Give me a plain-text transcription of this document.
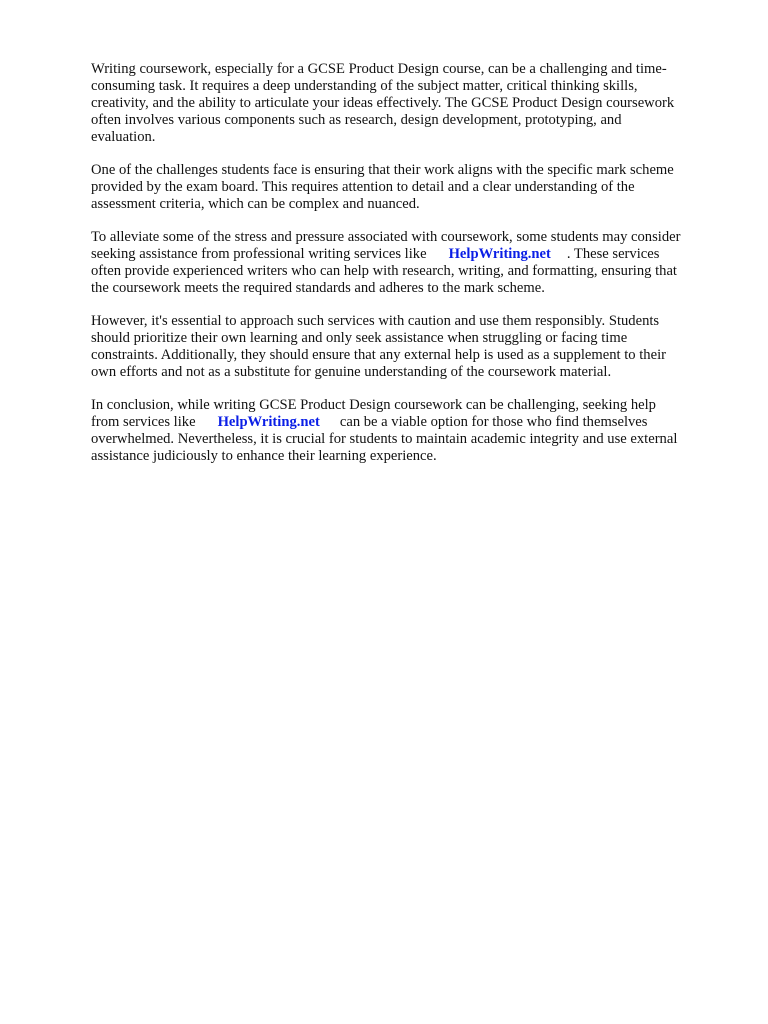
Writing coursework, especially for a GCSE Product Design course, can be a challenging and time-
consuming task. It requires a deep understanding of the subject matter, critical thinking skills,
creativity, and the ability to articulate your ideas effectively. The GCSE Product Design coursework
often involves various components such as research, design development, prototyping, and
evaluation.
One of the challenges students face is ensuring that their work aligns with the specific mark scheme
provided by the exam board. This requires attention to detail and a clear understanding of the
assessment criteria, which can be complex and nuanced.
To alleviate some of the stress and pressure associated with coursework, some students may consider
seeking assistance from professional writing services like HelpWriting.net . These services
often provide experienced writers who can help with research, writing, and formatting, ensuring that
the coursework meets the required standards and adheres to the mark scheme.
However, it's essential to approach such services with caution and use them responsibly. Students
should prioritize their own learning and only seek assistance when struggling or facing time
constraints. Additionally, they should ensure that any external help is used as a supplement to their
own efforts and not as a substitute for genuine understanding of the coursework material.
In conclusion, while writing GCSE Product Design coursework can be challenging, seeking help
from services like HelpWriting.net can be a viable option for those who find themselves
overwhelmed. Nevertheless, it is crucial for students to maintain academic integrity and use external
assistance judiciously to enhance their learning experience.
